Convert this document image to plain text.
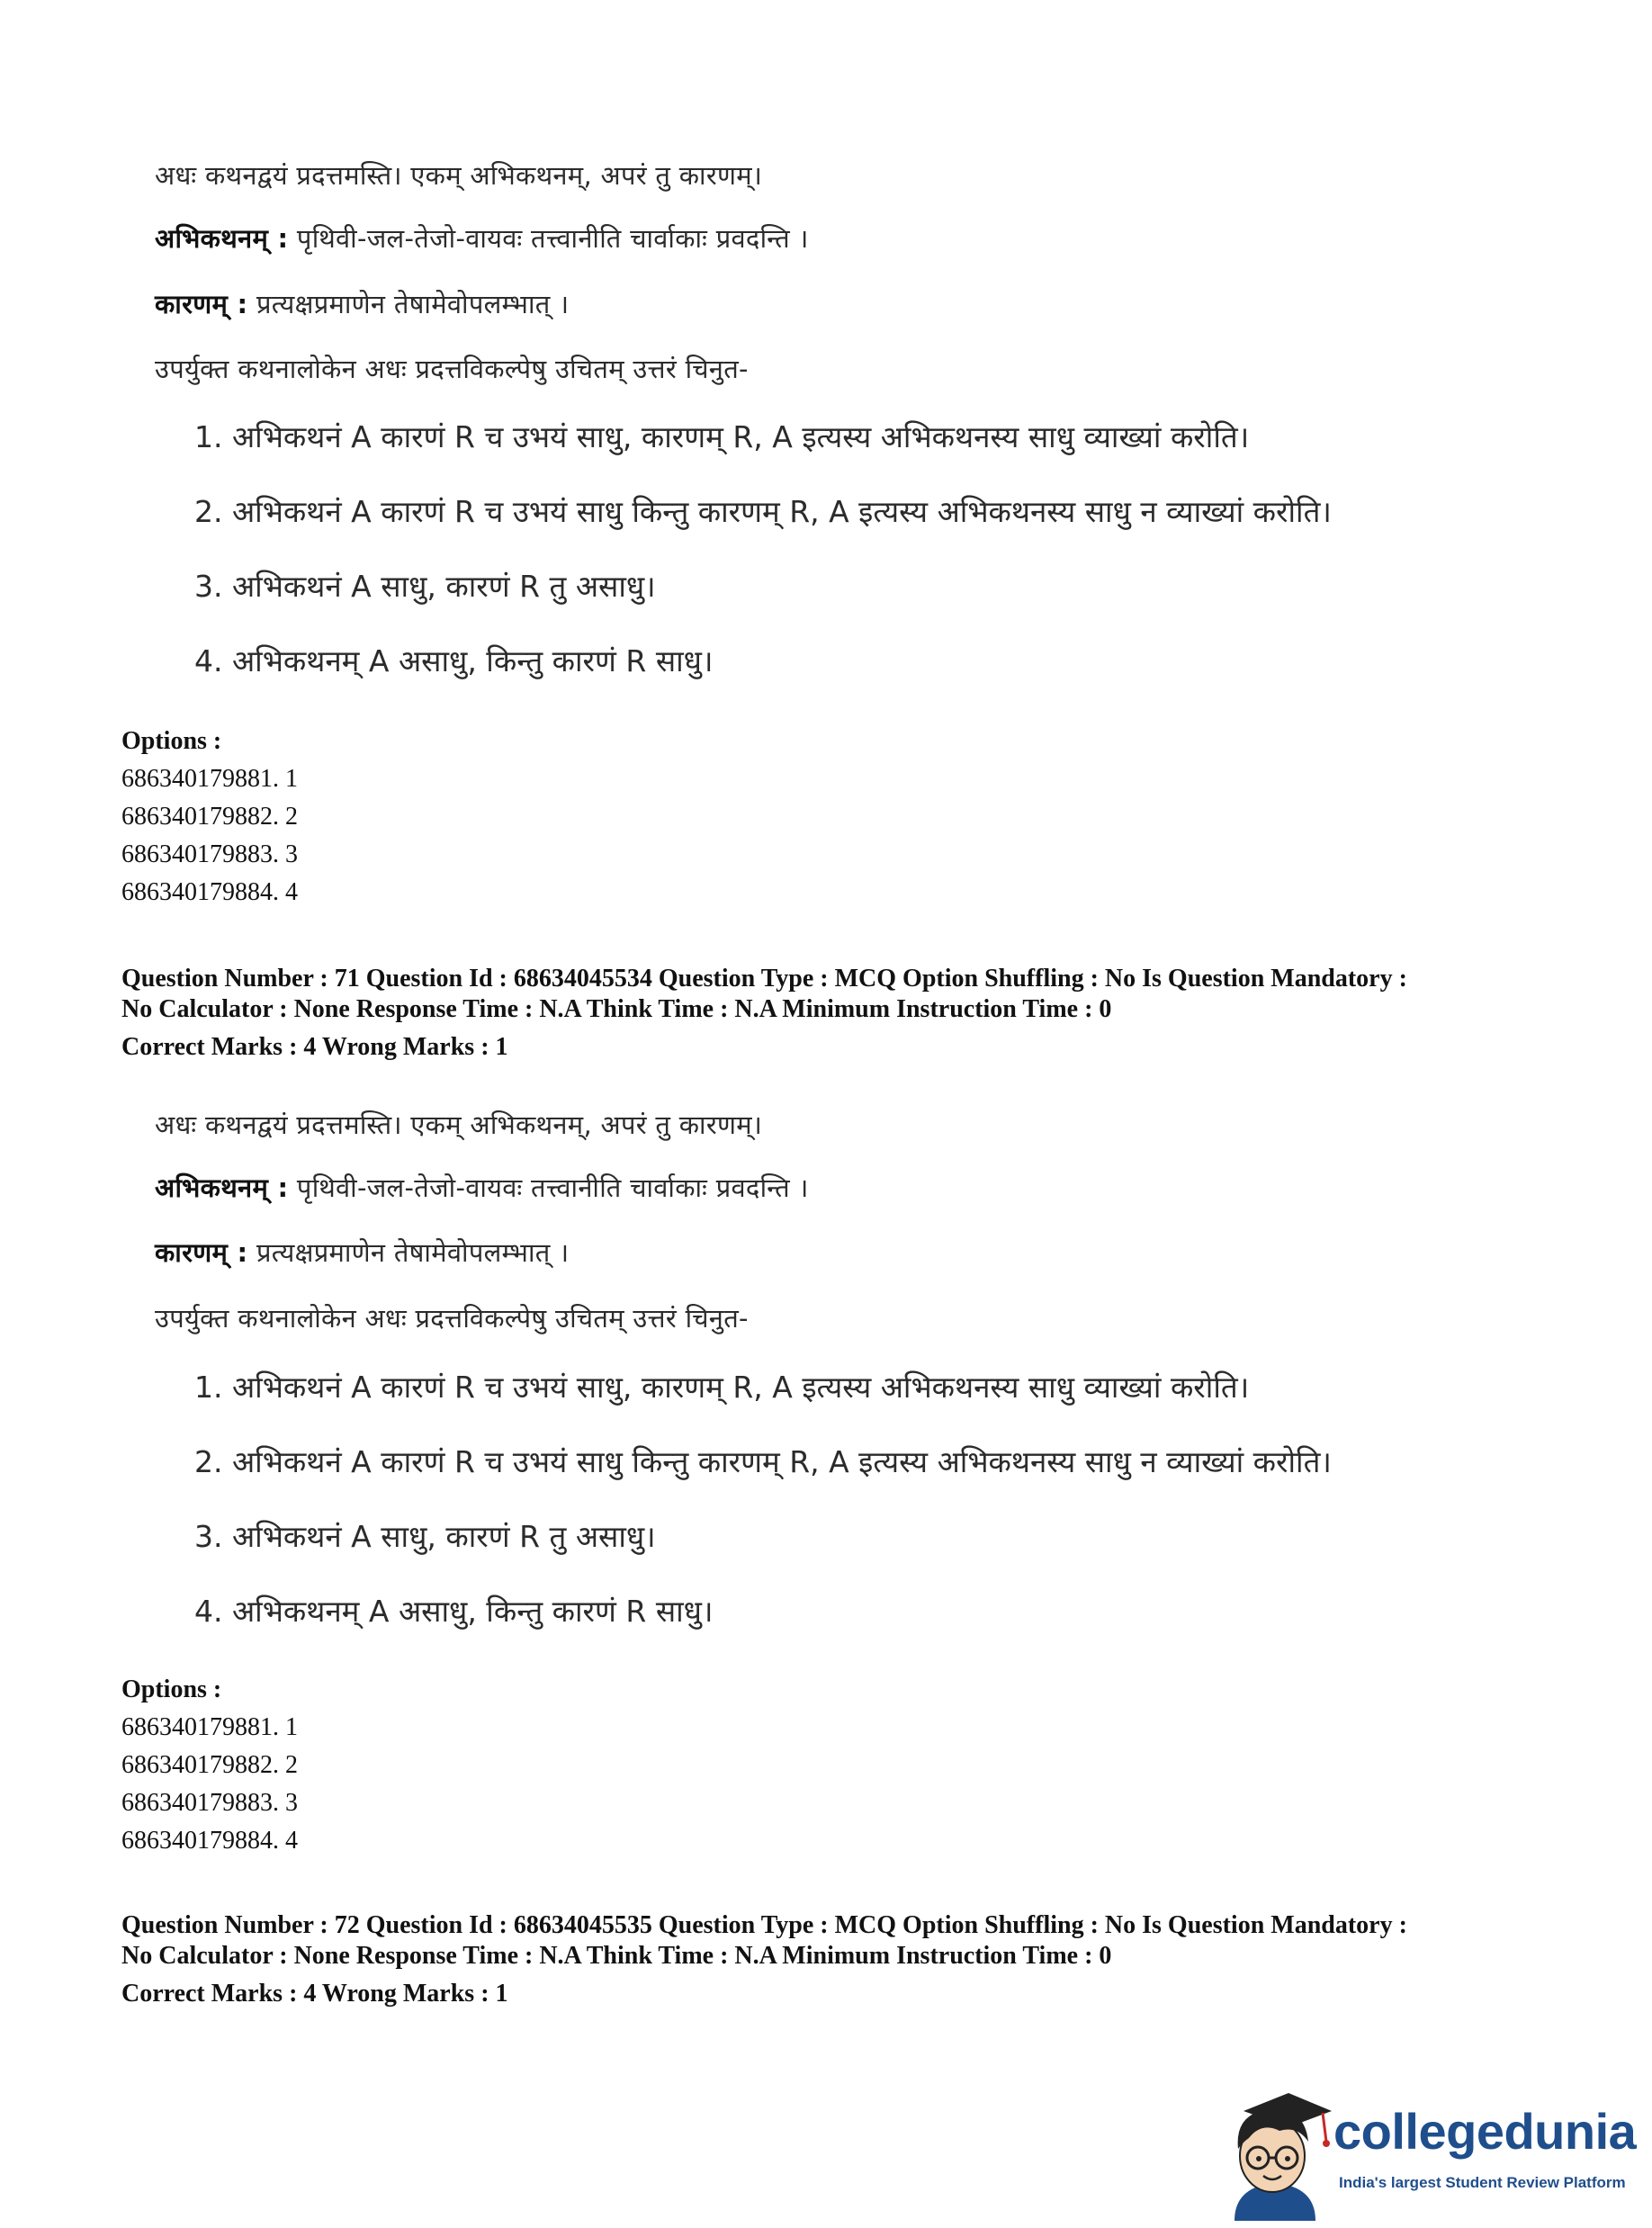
अधः कथनद्वयं प्रदत्तमस्ति। एकम् अभिकथनम्, अपरं तु कारणम्।
अभिकथनम् : पृथिवी-जल-तेजो-वायवः तत्त्वानीति चार्वाकाः प्रवदन्ति ।
कारणम् : प्रत्यक्षप्रमाणेन तेषामेवोपलम्भात् ।
उपर्युक्त कथनालोकेन अधः प्रदत्तविकल्पेषु उचितम् उत्तरं चिनुत-
1. अभिकथनं A कारणं R च उभयं साधु, कारणम् R, A इत्यस्य अभिकथनस्य साधु व्याख्यां करोति।
2. अभिकथनं A कारणं R च उभयं साधु किन्तु कारणम् R, A इत्यस्य अभिकथनस्य साधु न व्याख्यां करोति।
3. अभिकथनं A साधु, कारणं R तु असाधु।
4. अभिकथनम् A असाधु, किन्तु कारणं R साधु।
Options :
686340179881. 1
686340179882. 2
686340179883. 3
686340179884. 4
Question Number : 71 Question Id : 68634045534 Question Type : MCQ Option Shuffling : No Is Question Mandatory :
No Calculator : None Response Time : N.A Think Time : N.A Minimum Instruction Time : 0
Correct Marks : 4 Wrong Marks : 1
अधः कथनद्वयं प्रदत्तमस्ति। एकम् अभिकथनम्, अपरं तु कारणम्।
अभिकथनम् : पृथिवी-जल-तेजो-वायवः तत्त्वानीति चार्वाकाः प्रवदन्ति ।
कारणम् : प्रत्यक्षप्रमाणेन तेषामेवोपलम्भात् ।
उपर्युक्त कथनालोकेन अधः प्रदत्तविकल्पेषु उचितम् उत्तरं चिनुत-
1. अभिकथनं A कारणं R च उभयं साधु, कारणम् R, A इत्यस्य अभिकथनस्य साधु व्याख्यां करोति।
2. अभिकथनं A कारणं R च उभयं साधु किन्तु कारणम् R, A इत्यस्य अभिकथनस्य साधु न व्याख्यां करोति।
3. अभिकथनं A साधु, कारणं R तु असाधु।
4. अभिकथनम् A असाधु, किन्तु कारणं R साधु।
Options :
686340179881. 1
686340179882. 2
686340179883. 3
686340179884. 4
Question Number : 72 Question Id : 68634045535 Question Type : MCQ Option Shuffling : No Is Question Mandatory :
No Calculator : None Response Time : N.A Think Time : N.A Minimum Instruction Time : 0
Correct Marks : 4 Wrong Marks : 1
collegedunia
India's largest Student Review Platform
